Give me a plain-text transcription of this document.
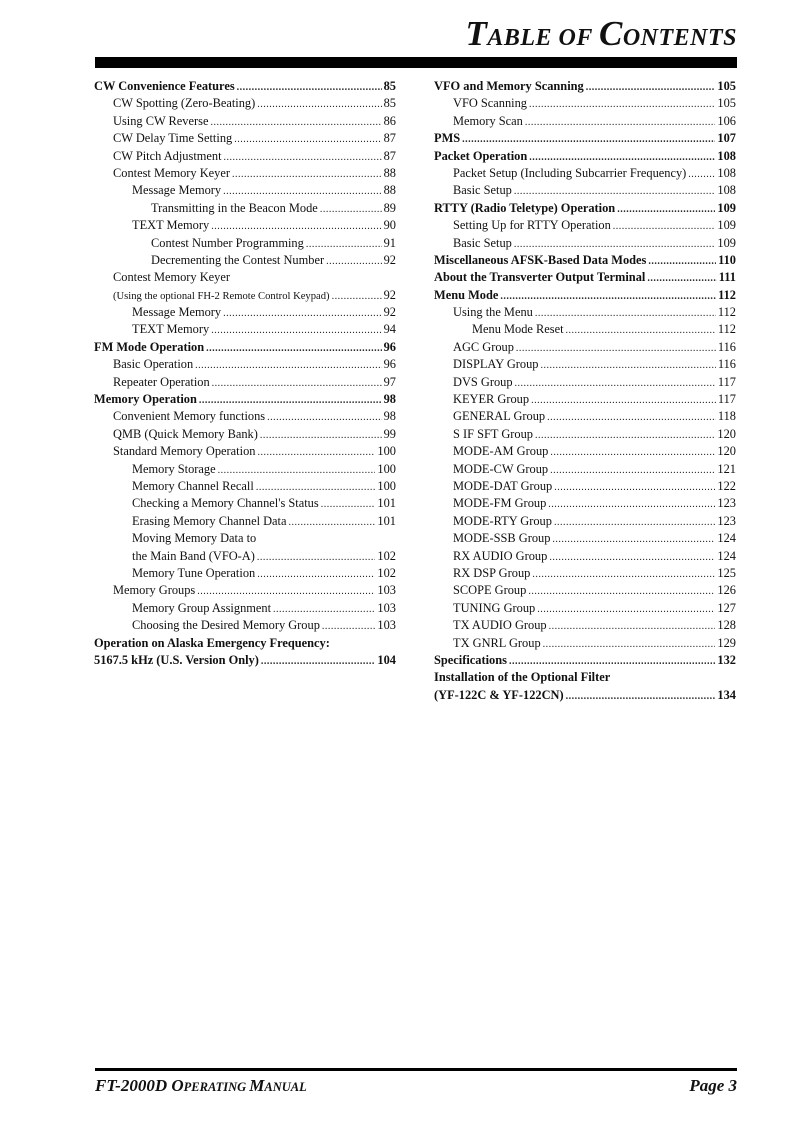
TABLE OF CONTENTS
CW Convenience Features .....	85
CW Spotting (Zero-Beating) .....	85
Using CW Reverse .....	86
CW Delay Time Setting .....	87
CW Pitch Adjustment .....	87
Contest Memory Keyer .....	88
Message Memory .....	88
Transmitting in the Beacon Mode .....	89
TEXT Memory .....	90
Contest Number Programming .....	91
Decrementing the Contest Number .....	92
Contest Memory Keyer
(Using the optional FH-2 Remote Control Keypad) .....	92
Message Memory .....	92
TEXT Memory .....	94
FM Mode Operation .....	96
Basic Operation .....	96
Repeater Operation .....	97
Memory Operation .....	98
Convenient Memory functions .....	98
QMB (Quick Memory Bank) .....	99
Standard Memory Operation .....	100
Memory Storage .....	100
Memory Channel Recall .....	100
Checking a Memory Channel's Status .....	101
Erasing Memory Channel Data .....	101
Moving Memory Data to
the Main Band (VFO-A) .....	102
Memory Tune Operation .....	102
Memory Groups .....	103
Memory Group Assignment .....	103
Choosing the Desired Memory Group .....	103
Operation on Alaska Emergency Frequency:
5167.5 kHz (U.S. Version Only) .....	104
VFO and Memory Scanning .....	105
VFO Scanning .....	105
Memory Scan .....	106
PMS .....	107
Packet Operation .....	108
Packet Setup (Including Subcarrier Frequency) .....	108
Basic Setup .....	108
RTTY (Radio Teletype) Operation .....	109
Setting Up for RTTY Operation .....	109
Basic Setup .....	109
Miscellaneous AFSK-Based Data Modes .....	110
About the Transverter Output Terminal .....	111
Menu Mode .....	112
Using the Menu .....	112
Menu Mode Reset .....	112
AGC Group .....	116
DISPLAY Group .....	116
DVS Group .....	117
KEYER Group .....	117
GENERAL Group .....	118
S IF SFT Group .....	120
MODE-AM Group .....	120
MODE-CW Group .....	121
MODE-DAT Group .....	122
MODE-FM Group .....	123
MODE-RTY Group .....	123
MODE-SSB Group .....	124
RX AUDIO Group .....	124
RX DSP Group .....	125
SCOPE Group .....	126
TUNING Group .....	127
TX AUDIO Group .....	128
TX GNRL Group .....	129
Specifications .....	132
Installation of the Optional Filter
(YF-122C & YF-122CN) .....	134
FT-2000D OPERATING MANUAL	Page 3
